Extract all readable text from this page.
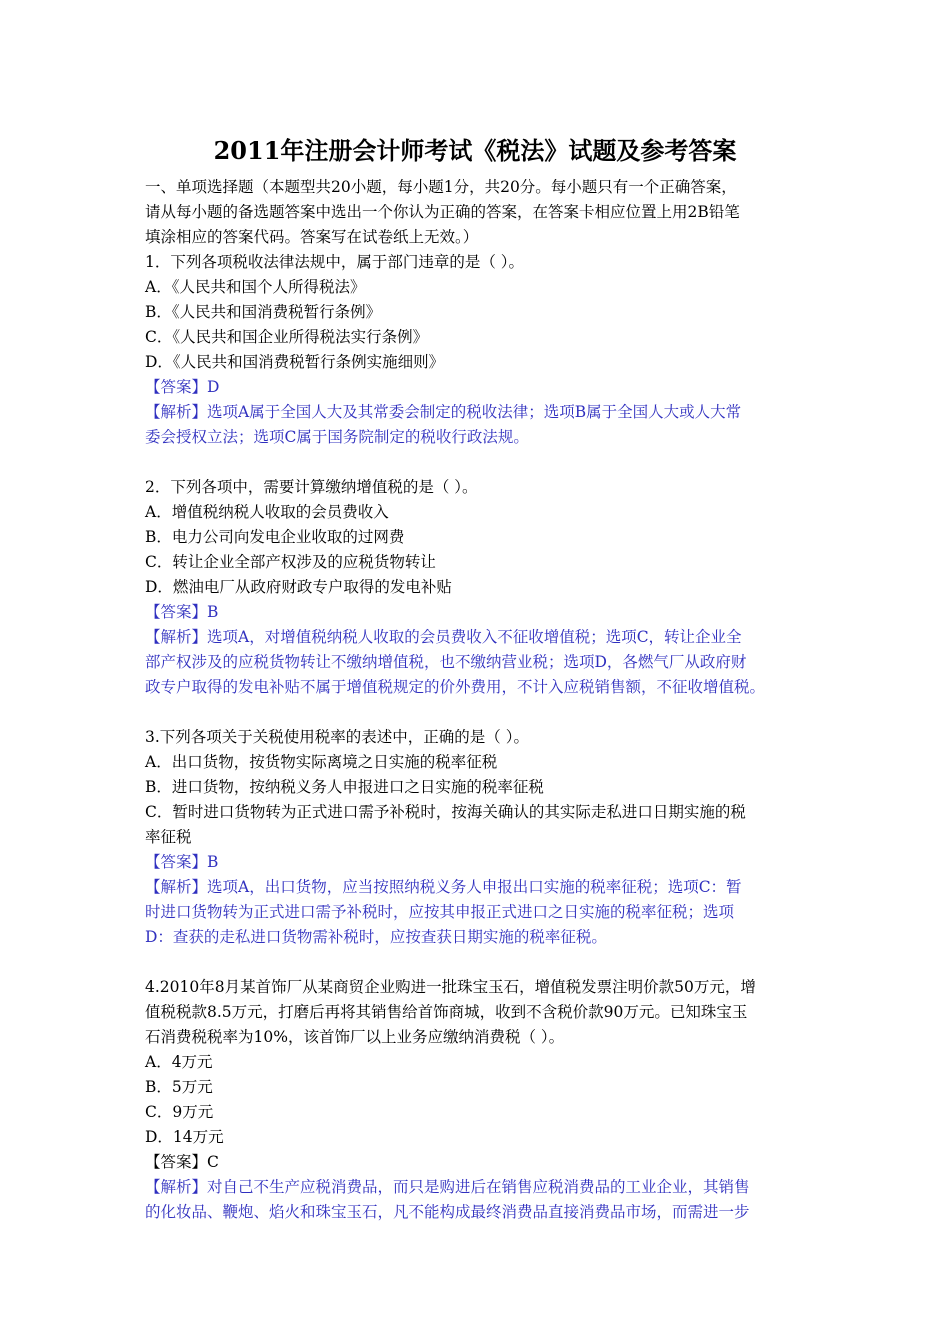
2011年注册会计师考试《税法》试题及参考答案
一、单项选择题（本题型共20小题，每小题1分，共20分。每小题只有一个正确答案，
请从每小题的备选题答案中选出一个你认为正确的答案，在答案卡相应位置上用2B铅笔
填涂相应的答案代码。答案写在试卷纸上无效。）
1．下列各项税收法律法规中，属于部门违章的是（ ）。
A．《人民共和国个人所得税法》
B．《人民共和国消费税暂行条例》
C．《人民共和国企业所得税法实行条例》
D．《人民共和国消费税暂行条例实施细则》
【答案】D
【解析】选项A属于全国人大及其常委会制定的税收法律；选项B属于全国人大或人大常
委会授权立法；选项C属于国务院制定的税收行政法规。
2．下列各项中，需要计算缴纳增值税的是（ ）。
A．增值税纳税人收取的会员费收入
B．电力公司向发电企业收取的过网费
C．转让企业全部产权涉及的应税货物转让
D．燃油电厂从政府财政专户取得的发电补贴
【答案】B
【解析】选项A，对增值税纳税人收取的会员费收入不征收增值税；选项C，转让企业全
部产权涉及的应税货物转让不缴纳增值税，也不缴纳营业税；选项D，各燃气厂从政府财
政专户取得的发电补贴不属于增值税规定的价外费用，不计入应税销售额，不征收增值税。
3.下列各项关于关税使用税率的表述中，正确的是（ ）。
A．出口货物，按货物实际离境之日实施的税率征税
B．进口货物，按纳税义务人申报进口之日实施的税率征税
C．暂时进口货物转为正式进口需予补税时，按海关确认的其实际走私进口日期实施的税
率征税
【答案】B
【解析】选项A，出口货物，应当按照纳税义务人申报出口实施的税率征税；选项C：暂
时进口货物转为正式进口需予补税时，应按其申报正式进口之日实施的税率征税；选项
D：查获的走私进口货物需补税时，应按查获日期实施的税率征税。
4.2010年8月某首饰厂从某商贸企业购进一批珠宝玉石，增值税发票注明价款50万元，增
值税税款8.5万元，打磨后再将其销售给首饰商城，收到不含税价款90万元。已知珠宝玉
石消费税税率为10%，该首饰厂以上业务应缴纳消费税（ ）。
A．4万元
B．5万元
C．9万元
D．14万元
【答案】C
【解析】对自己不生产应税消费品，而只是购进后在销售应税消费品的工业企业，其销售
的化妆品、鞭炮、焰火和珠宝玉石，凡不能构成最终消费品直接消费品市场，而需进一步
